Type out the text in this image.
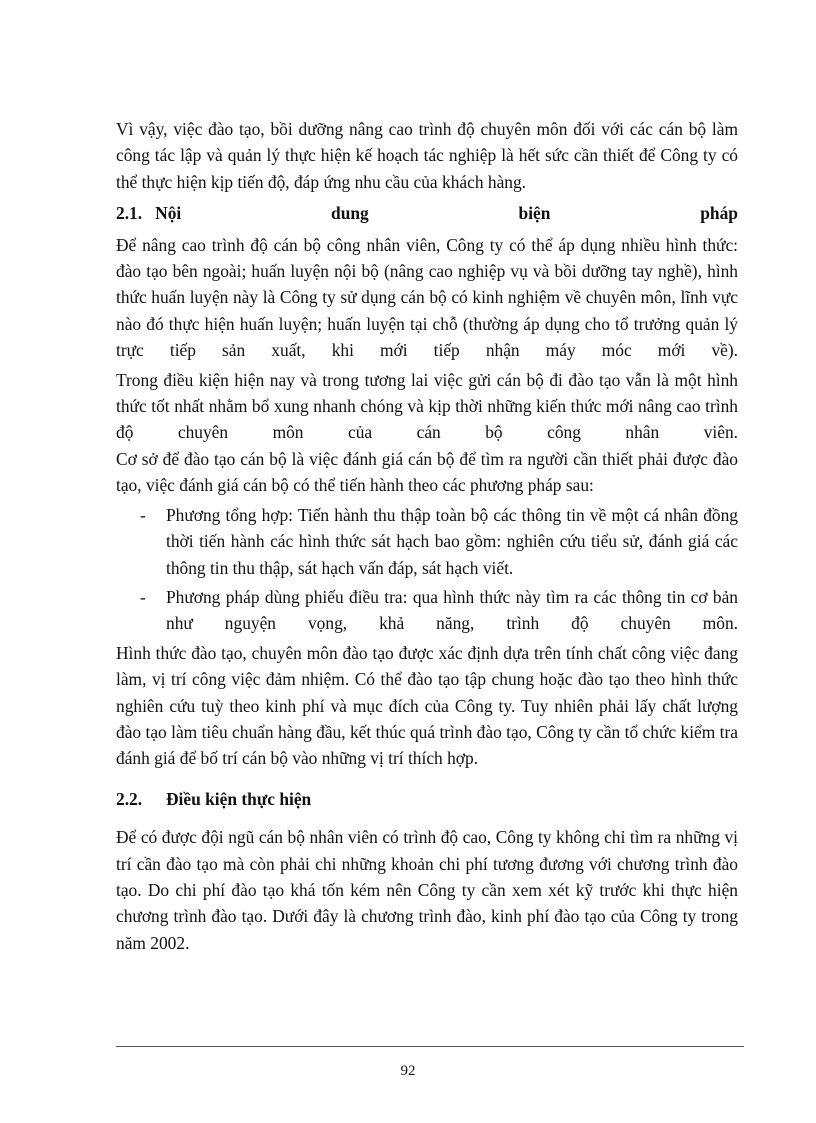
Vì vậy, việc đào tạo, bồi dưỡng nâng cao trình độ chuyên môn đối với các cán bộ làm công tác lập và quản lý thực hiện kế hoạch tác nghiệp là hết sức cần thiết để Công ty có thể thực hiện kịp tiến độ, đáp ứng nhu cầu của khách hàng.

2.1. Nội	dung	biện	pháp

Để nâng cao trình độ cán bộ công nhân viên, Công ty có thể áp dụng nhiều hình thức: đào tạo bên ngoài; huấn luyện nội bộ (nâng cao nghiệp vụ và bồi dưỡng tay nghề), hình thức huấn luyện này là Công ty sử dụng cán bộ có kinh nghiệm về chuyên môn, lĩnh vực nào đó thực hiện huấn luyện; huấn luyện tại chỗ (thường áp dụng cho tổ trưởng quản lý trực tiếp sản xuất, khi mới tiếp nhận máy móc mới về).

Trong điều kiện hiện nay và trong tương lai việc gửi cán bộ đi đào tạo vẫn là một hình thức tốt nhất nhằm bổ xung nhanh chóng và kịp thời những kiến thức mới nâng cao trình độ chuyên môn của cán bộ công nhân viên.

Cơ sở để đào tạo cán bộ là việc đánh giá cán bộ để tìm ra người cần thiết phải được đào tạo, việc đánh giá cán bộ có thể tiến hành theo các phương pháp sau:

- Phương tổng hợp: Tiến hành thu thập toàn bộ các thông tin về một cá nhân đồng thời tiến hành các hình thức sát hạch bao gồm: nghiên cứu tiểu sử, đánh giá các thông tin thu thập, sát hạch vấn đáp, sát hạch viết.
- Phương pháp dùng phiếu điều tra: qua hình thức này tìm ra các thông tin cơ bản như nguyện vọng, khả năng, trình độ chuyên môn.

Hình thức đào tạo, chuyên môn đào tạo được xác định dựa trên tính chất công việc đang làm, vị trí công việc đảm nhiệm. Có thể đào tạo tập chung hoặc đào tạo theo hình thức nghiên cứu tuỳ theo kinh phí và mục đích của Công ty. Tuy nhiên phải lấy chất lượng đào tạo làm tiêu chuẩn hàng đầu, kết thúc quá trình đào tạo, Công ty cần tổ chức kiểm tra đánh giá để bố trí cán bộ vào những vị trí thích hợp.

2.2. Điều kiện thực hiện

Để có được đội ngũ cán bộ nhân viên có trình độ cao, Công ty không chỉ tìm ra những vị trí cần đào tạo mà còn phải chi những khoản chi phí tương đương với chương trình đào tạo. Do chi phí đào tạo khá tốn kém nên Công ty cần xem xét kỹ trước khi thực hiện chương trình đào tạo. Dưới đây là chương trình đào, kinh phí đào tạo của Công ty trong năm 2002.

92
